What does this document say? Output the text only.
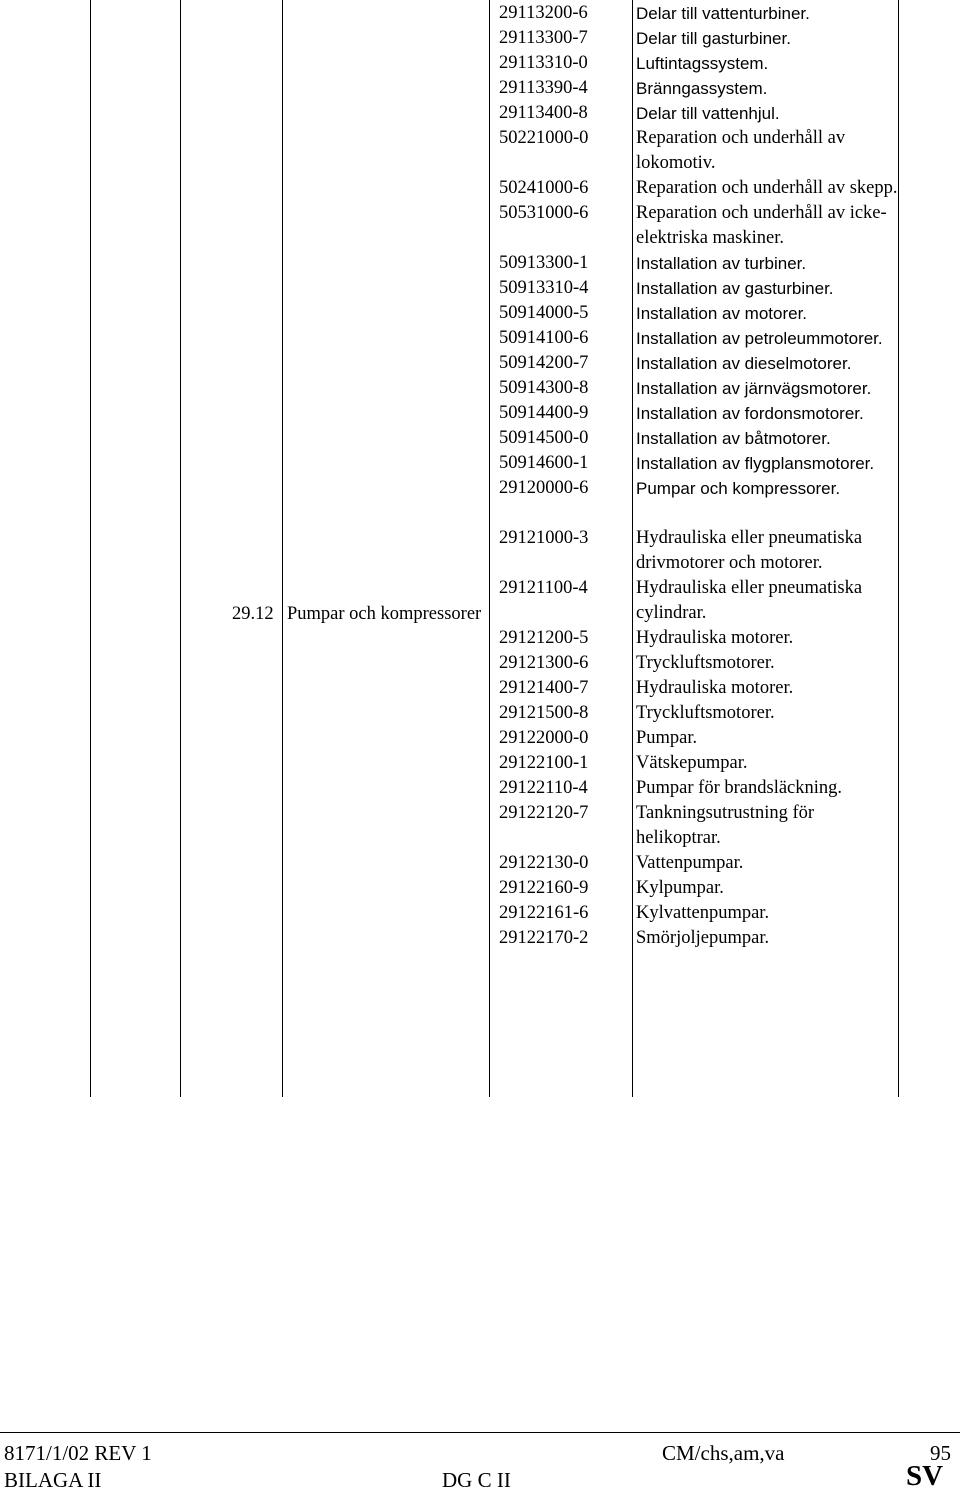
29.12 Pumpar och kompressorer
29113200-6	Delar till vattenturbiner.
29113300-7	Delar till gasturbiner.
29113310-0	Luftintagssystem.
29113390-4	Bränngassystem.
29113400-8	Delar till vattenhjul.
50221000-0	Reparation och underhåll av lokomotiv.
50241000-6	Reparation och underhåll av skepp.
50531000-6	Reparation och underhåll av icke- elektriska maskiner.
50913300-1	Installation av turbiner.
50913310-4	Installation av gasturbiner.
50914000-5	Installation av motorer.
50914100-6	Installation av petroleummotorer.
50914200-7	Installation av dieselmotorer.
50914300-8	Installation av järnvägsmotorer.
50914400-9	Installation av fordonsmotorer.
50914500-0	Installation av båtmotorer.
50914600-1	Installation av flygplansmotorer.
29120000-6	Pumpar och kompressorer.
29121000-3	Hydrauliska eller pneumatiska drivmotorer och motorer.
29121100-4	Hydrauliska eller pneumatiska cylindrar.
29121200-5	Hydrauliska motorer.
29121300-6	Tryckluftsmotorer.
29121400-7	Hydrauliska motorer.
29121500-8	Tryckluftsmotorer.
29122000-0	Pumpar.
29122100-1	Vätskepumpar.
29122110-4	Pumpar för brandsläckning.
29122120-7	Tankningsutrustning för helikoptrar.
29122130-0	Vattenpumpar.
29122160-9	Kylpumpar.
29122161-6	Kylvattenpumpar.
29122170-2	Smörjoljepumpar.
8171/1/02 REV 1	CM/chs,am,va	95
BILAGA II	DG C II	SV
